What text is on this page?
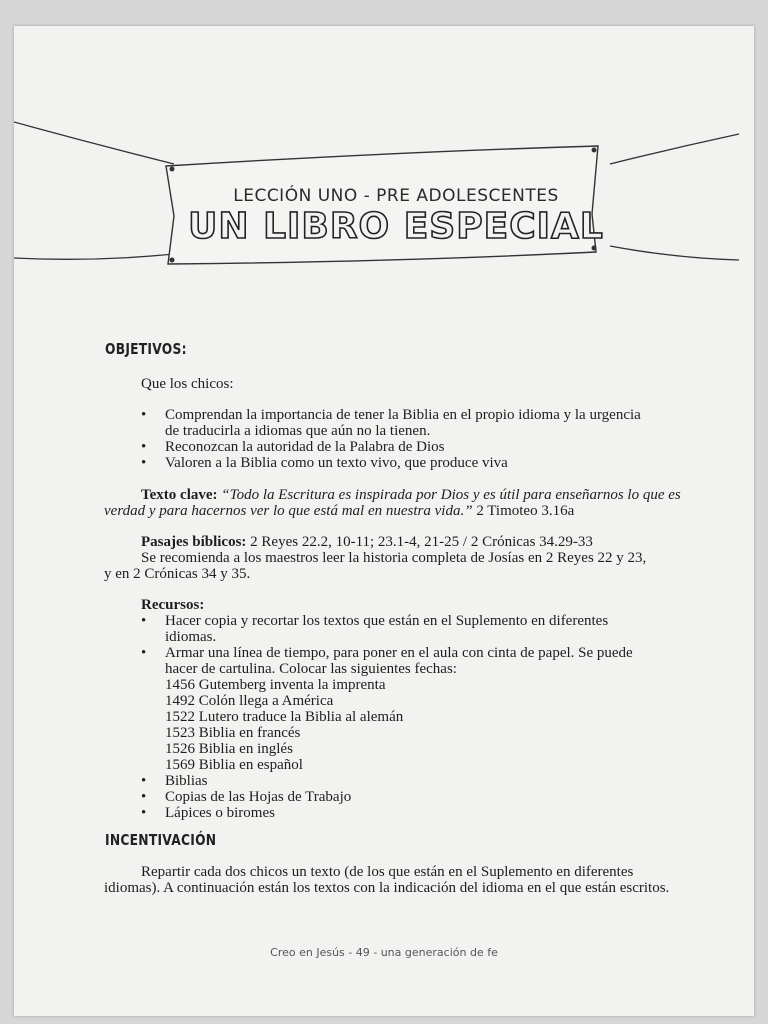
LECCIÓN UNO - PRE ADOLESCENTES
UN LIBRO ESPECIAL
OBJETIVOS:
Que los chicos:
• Comprendan la importancia de tener la Biblia en el propio idioma y la urgencia
de traducirla a idiomas que aún no la tienen.
• Reconozcan la autoridad de la Palabra de Dios
• Valoren a la Biblia como un texto vivo, que produce viva
Texto clave: “Todo la Escritura es inspirada por Dios y es útil para enseñarnos lo que es
verdad y para hacernos ver lo que está mal en nuestra vida.” 2 Timoteo 3.16a
Pasajes bíblicos: 2 Reyes 22.2, 10-11; 23.1-4, 21-25 / 2 Crónicas 34.29-33
Se recomienda a los maestros leer la historia completa de Josías en 2 Reyes 22 y 23,
y en 2 Crónicas 34 y 35.
Recursos:
• Hacer copia y recortar los textos que están en el Suplemento en diferentes
idiomas.
• Armar una línea de tiempo, para poner en el aula con cinta de papel. Se puede
hacer de cartulina. Colocar las siguientes fechas:
1456 Gutemberg inventa la imprenta
1492 Colón llega a América
1522 Lutero traduce la Biblia al alemán
1523 Biblia en francés
1526 Biblia en inglés
1569 Biblia en español
• Biblias
• Copias de las Hojas de Trabajo
• Lápices o biromes
INCENTIVACIÓN
Repartir cada dos chicos un texto (de los que están en el Suplemento en diferentes
idiomas). A continuación están los textos con la indicación del idioma en el que están escritos.
Creo en Jesús - 49 - una generación de fe
